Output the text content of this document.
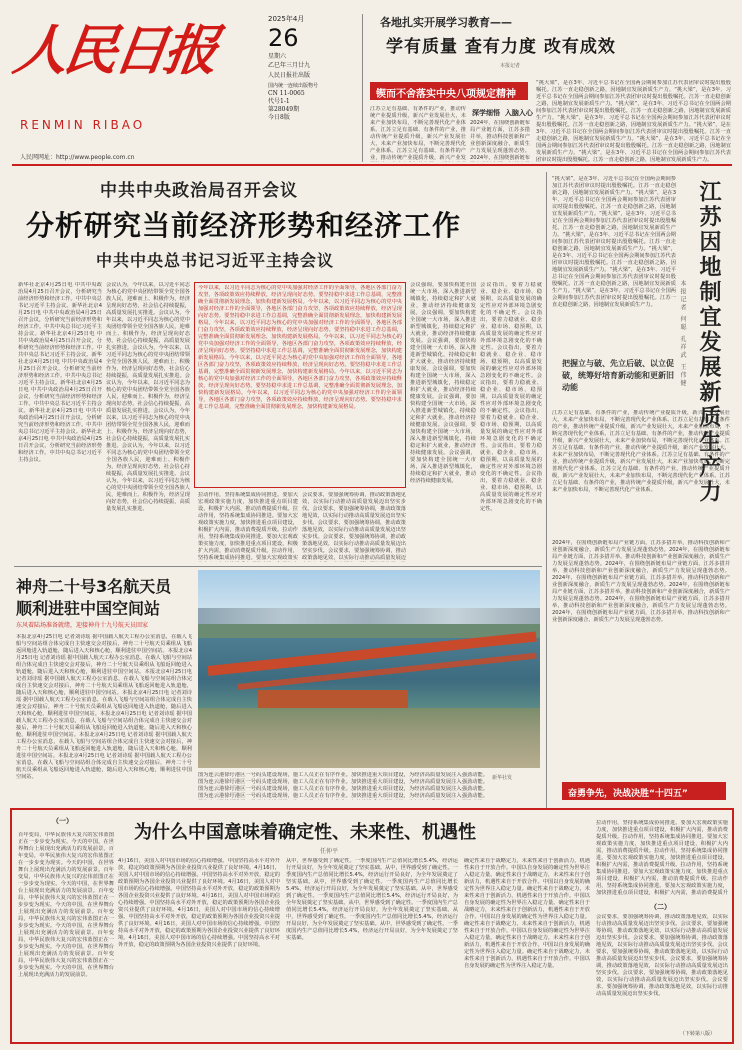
人民日报
RENMIN RIBAO
人民网网址：http://www.people.com.cn
2025年4月
26
星期六
乙巳年三月廿九
人民日报社出版
国内统一连续出版物号
CN 11-0065
代号1-1
第28049期
今日8版
各地扎实开展学习教育——
学有质量 查有力度 改有成效
本报记者
锲而不舍落实中央八项规定精神
深学细悟  入脑入心
江苏立足有基础、有条件的产业，推动传统产业提质升级，新兴产业发展壮大，未来产业加快布局，不断完善现代化产业体系。江苏立足有基础、有条件的产业，推动传统产业提质升级，新兴产业发展壮大，未来产业加快布局，不断完善现代化产业体系。江苏立足有基础、有条件的产业，推动传统产业提质升级，新兴产业发
2024年，在围绕创新链布局产业链方面，江苏多措并举，推动科技创新和产业创新深度融合，新质生产力发展呈现蓬勃态势。2024年，在围绕创新链布
“挑大梁”，是在3年、习近平总书记在全国两会期间参加江苏代表团审议时提出殷殷嘱托。江苏一直走稳创新之路，因地制宜发展新质生产力。“挑大梁”，是在3年、习近平总书记在全国两会期间参加江苏代表团审议时提出殷殷嘱托。江苏一直走稳创新之路，因地制宜发展新质生产力。“挑大梁”，是在3年、习近平总书记在全国两会期间参加江苏代表团审议时提出殷殷嘱托。江苏一直走稳创新之路，因地制宜发展新质生产力。“挑大梁”，是在3年、习近平总书记在全国两会期间参加江苏代表团审议时提出殷殷嘱托。江苏一直走稳创新之路，因地制宜发展新质生产力。“挑大梁”，是在3年、习近平总书记在全国两会期间参加江苏代表团审议时提出殷殷嘱托。江苏一直走稳创新之路，因地制宜发展新质生产力。“挑大梁”，是在3年、习近平总书记在全国两会期间参加江苏代表团审议时提出殷殷嘱托。江苏一直走稳创新之路，因地制宜发展新质生产力。“挑大梁”，是在3年、习近平总书记在全国两会期间参加江苏代表团审议时提出殷殷嘱托。江苏一直走稳创新之路，因地制宜发展新质生产力。
中共中央政治局召开会议
分析研究当前经济形势和经济工作
中共中央总书记习近平主持会议
新华社北京4月25日电 中共中央政治局4月25日召开会议，分析研究当前经济形势和经济工作。中共中央总书记习近平主持会议。新华社北京4月25日电 中共中央政治局4月25日召开会议，分析研究当前经济形势和经济工作。中共中央总书记习近平主持会议。新华社北京4月25日电 中共中央政治局4月25日召开会议，分析研究当前经济形势和经济工作。中共中央总书记习近平主持会议。新华社北京4月25日电 中共中央政治局4月25日召开会议，分析研究当前经济形势和经济工作。中共中央总书记习近平主持会议。新华社北京4月25日电 中共中央政治局4月25日召开会议，分析研究当前经济形势和经济工作。中共中央总书记习近平主持会议。新华社北京4月25日电 中共中央政治局4月25日召开会议，分析研究当前经济形势和经济工作。中共中央总书记习近平主持会议。新华社北京4月25日电 中共中央政治局4月25日召开会议，分析研究当前经济形势和经济工作。中共中央总书记习近平主持会议。
会议认为，今年以来，以习近平同志为核心的党中央团结带领全党全国各族人民，迎难而上、积极作为，经济呈现向好态势，社会信心持续提振，高质量发展扎实推进。会议认为，今年以来，以习近平同志为核心的党中央团结带领全党全国各族人民，迎难而上、积极作为，经济呈现向好态势，社会信心持续提振，高质量发展扎实推进。会议认为，今年以来，以习近平同志为核心的党中央团结带领全党全国各族人民，迎难而上、积极作为，经济呈现向好态势，社会信心持续提振，高质量发展扎实推进。会议认为，今年以来，以习近平同志为核心的党中央团结带领全党全国各族人民，迎难而上、积极作为，经济呈现向好态势，社会信心持续提振，高质量发展扎实推进。会议认为，今年以来，以习近平同志为核心的党中央团结带领全党全国各族人民，迎难而上、积极作为，经济呈现向好态势，社会信心持续提振，高质量发展扎实推进。会议认为，今年以来，以习近平同志为核心的党中央团结带领全党全国各族人民，迎难而上、积极作为，经济呈现向好态势，社会信心持续提振，高质量发展扎实推进。会议认为，今年以来，以习近平同志为核心的党中央团结带领全党全国各族人民，迎难而上、积极作为，经济呈现向好态势，社会信心持续提振，高质量发展扎实推进。
今年以来，以习近平同志为核心的党中央加强对经济工作的全面领导，各地区各部门奋力攻坚，各项政策效应持续释放，经济呈现向好态势。要坚持稳中求进工作总基调，完整准确全面贯彻新发展理念，加快构建新发展格局。今年以来，以习近平同志为核心的党中央加强对经济工作的全面领导，各地区各部门奋力攻坚，各项政策效应持续释放，经济呈现向好态势。要坚持稳中求进工作总基调，完整准确全面贯彻新发展理念，加快构建新发展格局。今年以来，以习近平同志为核心的党中央加强对经济工作的全面领导，各地区各部门奋力攻坚，各项政策效应持续释放，经济呈现向好态势。要坚持稳中求进工作总基调，完整准确全面贯彻新发展理念，加快构建新发展格局。今年以来，以习近平同志为核心的党中央加强对经济工作的全面领导，各地区各部门奋力攻坚，各项政策效应持续释放，经济呈现向好态势。要坚持稳中求进工作总基调，完整准确全面贯彻新发展理念，加快构建新发展格局。今年以来，以习近平同志为核心的党中央加强对经济工作的全面领导，各地区各部门奋力攻坚，各项政策效应持续释放，经济呈现向好态势。要坚持稳中求进工作总基调，完整准确全面贯彻新发展理念，加快构建新发展格局。今年以来，以习近平同志为核心的党中央加强对经济工作的全面领导，各地区各部门奋力攻坚，各项政策效应持续释放，经济呈现向好态势。要坚持稳中求进工作总基调，完整准确全面贯彻新发展理念，加快构建新发展格局。今年以来，以习近平同志为核心的党中央加强对经济工作的全面领导，各地区各部门奋力攻坚，各项政策效应持续释放，经济呈现向好态势。要坚持稳中求进工作总基调，完整准确全面贯彻新发展理念，加快构建新发展格局。
会议强调，要加快构建全国统一大市场，深入推进新型城镇化，持续稳定和扩大就业，推动经济持续健康发展。会议强调，要加快构建全国统一大市场，深入推进新型城镇化，持续稳定和扩大就业，推动经济持续健康发展。会议强调，要加快构建全国统一大市场，深入推进新型城镇化，持续稳定和扩大就业，推动经济持续健康发展。会议强调，要加快构建全国统一大市场，深入推进新型城镇化，持续稳定和扩大就业，推动经济持续健康发展。会议强调，要加快构建全国统一大市场，深入推进新型城镇化，持续稳定和扩大就业，推动经济持续健康发展。会议强调，要加快构建全国统一大市场，深入推进新型城镇化，持续稳定和扩大就业，推动经济持续健康发展。会议强调，要加快构建全国统一大市场，深入推进新型城镇化，持续稳定和扩大就业，推动经济持续健康发展。
会议指出，要着力稳就业、稳企业、稳市场、稳预期，以高质量发展的确定性应对外部环境急剧变化的不确定性。会议指出，要着力稳就业、稳企业、稳市场、稳预期，以高质量发展的确定性应对外部环境急剧变化的不确定性。会议指出，要着力稳就业、稳企业、稳市场、稳预期，以高质量发展的确定性应对外部环境急剧变化的不确定性。会议指出，要着力稳就业、稳企业、稳市场、稳预期，以高质量发展的确定性应对外部环境急剧变化的不确定性。会议指出，要着力稳就业、稳企业、稳市场、稳预期，以高质量发展的确定性应对外部环境急剧变化的不确定性。会议指出，要着力稳就业、稳企业、稳市场、稳预期，以高质量发展的确定性应对外部环境急剧变化的不确定性。会议指出，要着力稳就业、稳企业、稳市场、稳预期，以高质量发展的确定性应对外部环境急剧变化的不确定性。
拉动作用，坚持系统集成协同推进。要加大宏观政策实施力度，加快推进重点项目建设，积极扩大内需，推动消费提质升级。拉动作用，坚持系统集成协同推进。要加大宏观政策实施力度，加快推进重点项目建设，积极扩大内需，推动消费提质升级。拉动作用，坚持系统集成协同推进。要加大宏观政策实施力度，加快推进重点项目建设，积极扩大内需，推动消费提质升级。拉动作用，坚持系统集成协同推进。要加大宏观政策实
会议要求，要加强统筹协调，推动政策落地见效，以实际行动推动高质量发展迈出坚实步伐。会议要求，要加强统筹协调，推动政策落地见效，以实际行动推动高质量发展迈出坚实步伐。会议要求，要加强统筹协调，推动政策落地见效，以实际行动推动高质量发展迈出坚实步伐。会议要求，要加强统筹协调，推动政策落地见效，以实际行动推动高质量发展迈出坚实步伐。会议要求，要加强统筹协调，推动政策落地见效，以实际行动推动高质量发展迈
“挑大梁”，是在3年、习近平总书记在全国两会期间参加江苏代表团审议时提出殷殷嘱托。江苏一直走稳创新之路，因地制宜发展新质生产力。“挑大梁”，是在3年、习近平总书记在全国两会期间参加江苏代表团审议时提出殷殷嘱托。江苏一直走稳创新之路，因地制宜发展新质生产力。“挑大梁”，是在3年、习近平总书记在全国两会期间参加江苏代表团审议时提出殷殷嘱托。江苏一直走稳创新之路，因地制宜发展新质生产力。“挑大梁”，是在3年、习近平总书记在全国两会期间参加江苏代表团审议时提出殷殷嘱托。江苏一直走稳创新之路，因地制宜发展新质生产力。“挑大梁”，是在3年、习近平总书记在全国两会期间参加江苏代表团审议时提出殷殷嘱托。江苏一直走稳创新之路，因地制宜发展新质生产力。“挑大梁”，是在3年、习近平总书记在全国两会期间参加江苏代表团审议时提出殷殷嘱托。江苏一直走稳创新之路，因地制宜发展新质生产力。“挑大梁”，是在3年、习近平总书记在全国两会期间参加江苏代表团审议时提出殷殷嘱托。江苏一直走稳创新之路，因地制宜发展新质生产力。	江苏因地制宜发展新质生产力
本报记者 何聪 孔祥武 王伟健
把握立与破、先立后破、以立促破，统筹好培育新动能和更新旧动能
江苏立足有基础、有条件的产业，推动传统产业提质升级，新兴产业发展壮大，未来产业加快布局，不断完善现代化产业体系。江苏立足有基础、有条件的产业，推动传统产业提质升级，新兴产业发展壮大，未来产业加快布局，不断完善现代化产业体系。江苏立足有基础、有条件的产业，推动传统产业提质升级，新兴产业发展壮大，未来产业加快布局，不断完善现代化产业体系。江苏立足有基础、有条件的产业，推动传统产业提质升级，新兴产业发展壮大，未来产业加快布局，不断完善现代化产业体系。江苏立足有基础、有条件的产业，推动传统产业提质升级，新兴产业发展壮大，未来产业加快布局，不断完善现代化产业体系。江苏立足有基础、有条件的产业，推动传统产业提质升级，新兴产业发展壮大，未来产业加快布局，不断完善现代化产业体系。江苏立足有基础、有条件的产业，推动传统产业提质升级，新兴产业发展壮大，未来产业加快布局，不断完善现代化产业体系。
2024年，在围绕创新链布局产业链方面，江苏多措并举，推动科技创新和产业创新深度融合，新质生产力发展呈现蓬勃态势。2024年，在围绕创新链布局产业链方面，江苏多措并举，推动科技创新和产业创新深度融合，新质生产力发展呈现蓬勃态势。2024年，在围绕创新链布局产业链方面，江苏多措并举，推动科技创新和产业创新深度融合，新质生产力发展呈现蓬勃态势。2024年，在围绕创新链布局产业链方面，江苏多措并举，推动科技创新和产业创新深度融合，新质生产力发展呈现蓬勃态势。2024年，在围绕创新链布局产业链方面，江苏多措并举，推动科技创新和产业创新深度融合，新质生产力发展呈现蓬勃态势。2024年，在围绕创新链布局产业链方面，江苏多措并举，推动科技创新和产业创新深度融合，新质生产力发展呈现蓬勃态势。2024年，在围绕创新链布局产业链方面，江苏多措并举，推动科技创新和产业创新深度融合，新质生产力发展呈现蓬勃态势。
奋勇争先，决战决胜“十四五”
神舟二十号3名航天员
顺利进驻中国空间站
东风着陆场准备就绪，迎接神舟十九号航天员回家
本报北京4月25日电 记者刘诗瑶 据中国载人航天工程办公室消息，在载人飞船与空间站组合体完成自主快速交会对接后，神舟二十号航天员乘组从飞船返回舱进入轨道舱，随后进入天和核心舱，顺利进驻中国空间站。本报北京4月25日电 记者刘诗瑶 据中国载人航天工程办公室消息，在载人飞船与空间站组合体完成自主快速交会对接后，神舟二十号航天员乘组从飞船返回舱进入轨道舱，随后进入天和核心舱，顺利进驻中国空间站。本报北京4月25日电 记者刘诗瑶 据中国载人航天工程办公室消息，在载人飞船与空间站组合体完成自主快速交会对接后，神舟二十号航天员乘组从飞船返回舱进入轨道舱，随后进入天和核心舱，顺利进驻中国空间站。本报北京4月25日电 记者刘诗瑶 据中国载人航天工程办公室消息，在载人飞船与空间站组合体完成自主快速交会对接后，神舟二十号航天员乘组从飞船返回舱进入轨道舱，随后进入天和核心舱，顺利进驻中国空间站。本报北京4月25日电 记者刘诗瑶 据中国载人航天工程办公室消息，在载人飞船与空间站组合体完成自主快速交会对接后，神舟二十号航天员乘组从飞船返回舱进入轨道舱，随后进入天和核心舱，顺利进驻中国空间站。本报北京4月25日电 记者刘诗瑶 据中国载人航天工程办公室消息，在载人飞船与空间站组合体完成自主快速交会对接后，神舟二十号航天员乘组从飞船返回舱进入轨道舱，随后进入天和核心舱，顺利进驻中国空间站。本报北京4月25日电 记者刘诗瑶 据中国载人航天工程办公室消息，在载人飞船与空间站组合体完成自主快速交会对接后，神舟二十号航天员乘组从飞船返回舱进入轨道舱，随后进入天和核心舱，顺利进驻中国空间站。	图为连云港徐圩港区一号码头建设现场，施工人员正在有序作业。加快推进重大项目建设，为经济高质量发展注入强劲动能。图为连云港徐圩港区一号码头建设现场，施工人员正在有序作业。加快推进重大项目建设，为经济高质量发展注入强劲动能。图为连云港徐圩港区一号码头建设现场，施工人员正在有序作业。加快推进重大项目建设，为经济高质量发展注入强劲动能。图为连云港徐圩港区一号码头建设现场，施工人员正在有序作业。加快推进重大项目建设，为经济高质量发展注入强劲动能。
新华社发
（一）
为什么中国意味着确定性、未来性、机遇性
任仲平
百年变局，中华民族伟大复兴的宏伟蓝图正在一步步变为现实。今天的中国，在世界舞台上展现出充满活力的发展前景。百年变局，中华民族伟大复兴的宏伟蓝图正在一步步变为现实。今天的中国，在世界舞台上展现出充满活力的发展前景。百年变局，中华民族伟大复兴的宏伟蓝图正在一步步变为现实。今天的中国，在世界舞台上展现出充满活力的发展前景。百年变局，中华民族伟大复兴的宏伟蓝图正在一步步变为现实。今天的中国，在世界舞台上展现出充满活力的发展前景。百年变局，中华民族伟大复兴的宏伟蓝图正在一步步变为现实。今天的中国，在世界舞台上展现出充满活力的发展前景。百年变局，中华民族伟大复兴的宏伟蓝图正在一步步变为现实。今天的中国，在世界舞台上展现出充满活力的发展前景。百年变局，中华民族伟大复兴的宏伟蓝图正在一步步变为现实。今天的中国，在世界舞台上展现出充满活力的发展前景。
4月16日，美国人对中国市场的信心持续增强。中国坚持高水平对外开放，稳定的政策预期为各国企业投资兴业提供了良好环境。4月16日，美国人对中国市场的信心持续增强。中国坚持高水平对外开放，稳定的政策预期为各国企业投资兴业提供了良好环境。4月16日，美国人对中国市场的信心持续增强。中国坚持高水平对外开放，稳定的政策预期为各国企业投资兴业提供了良好环境。4月16日，美国人对中国市场的信心持续增强。中国坚持高水平对外开放，稳定的政策预期为各国企业投资兴业提供了良好环境。4月16日，美国人对中国市场的信心持续增强。中国坚持高水平对外开放，稳定的政策预期为各国企业投资兴业提供了良好环境。4月16日，美国人对中国市场的信心持续增强。中国坚持高水平对外开放，稳定的政策预期为各国企业投资兴业提供了良好环境。4月16日，美国人对中国市场的信心持续增强。中国坚持高水平对外开放，稳定的政策预期为各国企业投资兴业提供了良好环境。
从中，世界感受到了确定性。一季度国内生产总值同比增长5.4%，经济运行开局良好，为全年发展奠定了坚实基础。从中，世界感受到了确定性。一季度国内生产总值同比增长5.4%，经济运行开局良好，为全年发展奠定了坚实基础。从中，世界感受到了确定性。一季度国内生产总值同比增长5.4%，经济运行开局良好，为全年发展奠定了坚实基础。从中，世界感受到了确定性。一季度国内生产总值同比增长5.4%，经济运行开局良好，为全年发展奠定了坚实基础。从中，世界感受到了确定性。一季度国内生产总值同比增长5.4%，经济运行开局良好，为全年发展奠定了坚实基础。从中，世界感受到了确定性。一季度国内生产总值同比增长5.4%，经济运行开局良好，为全年发展奠定了坚实基础。从中，世界感受到了确定性。一季度国内生产总值同比增长5.4%，经济运行开局良好，为全年发展奠定了坚实基础。
确定性来自于战略定力，未来性来自于创新活力，机遇性来自于开放合作。中国以自身发展的确定性为世界注入稳定力量。确定性来自于战略定力，未来性来自于创新活力，机遇性来自于开放合作。中国以自身发展的确定性为世界注入稳定力量。确定性来自于战略定力，未来性来自于创新活力，机遇性来自于开放合作。中国以自身发展的确定性为世界注入稳定力量。确定性来自于战略定力，未来性来自于创新活力，机遇性来自于开放合作。中国以自身发展的确定性为世界注入稳定力量。确定性来自于战略定力，未来性来自于创新活力，机遇性来自于开放合作。中国以自身发展的确定性为世界注入稳定力量。确定性来自于战略定力，未来性来自于创新活力，机遇性来自于开放合作。中国以自身发展的确定性为世界注入稳定力量。确定性来自于战略定力，未来性来自于创新活力，机遇性来自于开放合作。中国以自身发展的确定性为世界注入稳定力量。
拉动作用，坚持系统集成协同推进。要加大宏观政策实施力度，加快推进重点项目建设，积极扩大内需，推动消费提质升级。拉动作用，坚持系统集成协同推进。要加大宏观政策实施力度，加快推进重点项目建设，积极扩大内需，推动消费提质升级。拉动作用，坚持系统集成协同推进。要加大宏观政策实施力度，加快推进重点项目建设，积极扩大内需，推动消费提质升级。拉动作用，坚持系统集成协同推进。要加大宏观政策实施力度，加快推进重点项目建设，积极扩大内需，推动消费提质升级。拉动作用，坚持系统集成协同推进。要加大宏观政策实施力度，加快推进重点项目建设，积极扩大内需，推动消费提质升
（二）
会议要求，要加强统筹协调，推动政策落地见效，以实际行动推动高质量发展迈出坚实步伐。会议要求，要加强统筹协调，推动政策落地见效，以实际行动推动高质量发展迈出坚实步伐。会议要求，要加强统筹协调，推动政策落地见效，以实际行动推动高质量发展迈出坚实步伐。会议要求，要加强统筹协调，推动政策落地见效，以实际行动推动高质量发展迈出坚实步伐。会议要求，要加强统筹协调，推动政策落地见效，以实际行动推动高质量发展迈出坚实步伐。会议要求，要加强统筹协调，推动政策落地见效，以实际行动推动高质量发展迈出坚实步伐。会议要求，要加强统筹协调，推动政策落地见效，以实际行动推动高质量发展迈出坚实步伐。
（下转第八版）
